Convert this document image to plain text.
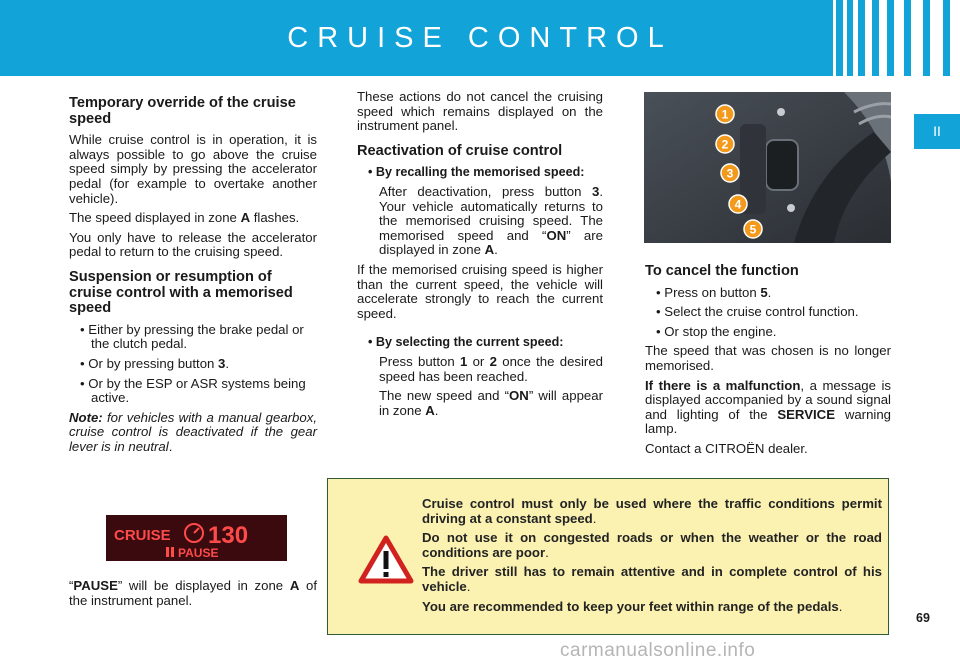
CRUISE CONTROL
II
Temporary override of the cruise speed

While cruise control is in operation, it is always possible to go above the cruise speed simply by pressing the accelerator pedal (for example to overtake another vehicle).

The speed displayed in zone A flashes.

You only have to release the accelerator pedal to return to the cruising speed.

Suspension or resumption of cruise control with a memorised speed
• Either by pressing the brake pedal or the clutch pedal.
• Or by pressing button 3.
• Or by the ESP or ASR systems being active.

Note: for vehicles with a manual gearbox, cruise control is deactivated if the gear lever is in neutral.

CRUISE 130
PAUSE

“PAUSE” will be displayed in zone A of the instrument panel.

These actions do not cancel the cruising speed which remains displayed on the instrument panel.

Reactivation of cruise control
• By recalling the memorised speed:

After deactivation, press button 3. Your vehicle automatically returns to the memorised cruising speed. The memorised speed and “ON” are displayed in zone A.

If the memorised cruising speed is higher than the current speed, the vehicle will accelerate strongly to reach the current speed.

• By selecting the current speed:

Press button 1 or 2 once the desired speed has been reached.

The new speed and “ON” will appear in zone A.

1
2
3
4
5
To cancel the function
• Press on button 5.
• Select the cruise control function.
• Or stop the engine.

The speed that was chosen is no longer memorised.

If there is a malfunction, a message is displayed accompanied by a sound signal and lighting of the SERVICE warning lamp.

Contact a CITROËN dealer.

Cruise control must only be used where the traffic conditions permit driving at a constant speed.

Do not use it on congested roads or when the weather or the road conditions are poor.

The driver still has to remain attentive and in complete control of his vehicle.

You are recommended to keep your feet within range of the pedals.

69
carmanualsonline.info
